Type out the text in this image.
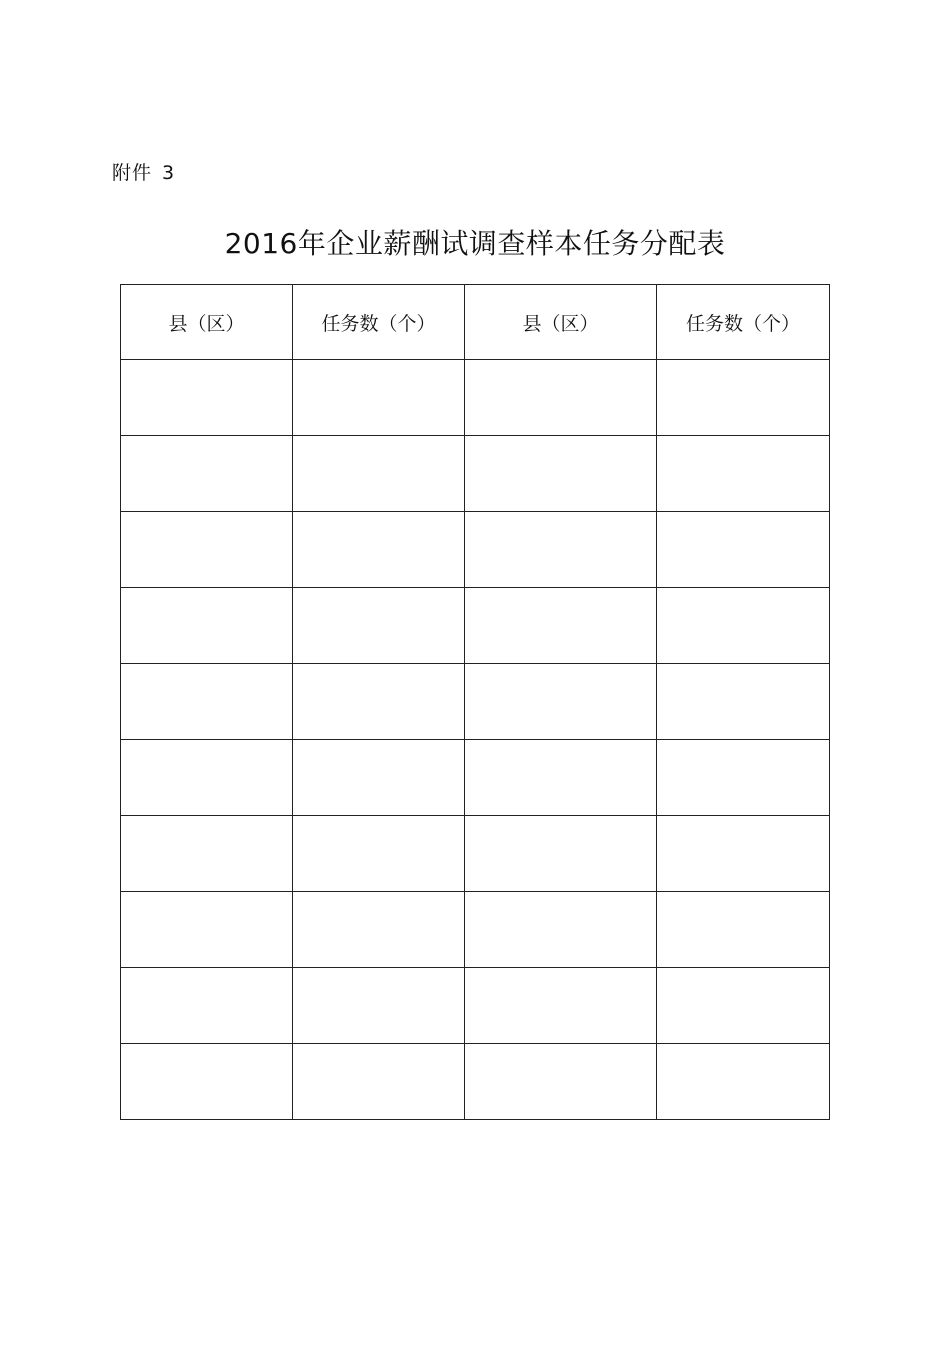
附件 3
2016年企业薪酬试调查样本任务分配表
县（区）	任务数（个）	县（区）	任务数（个）
